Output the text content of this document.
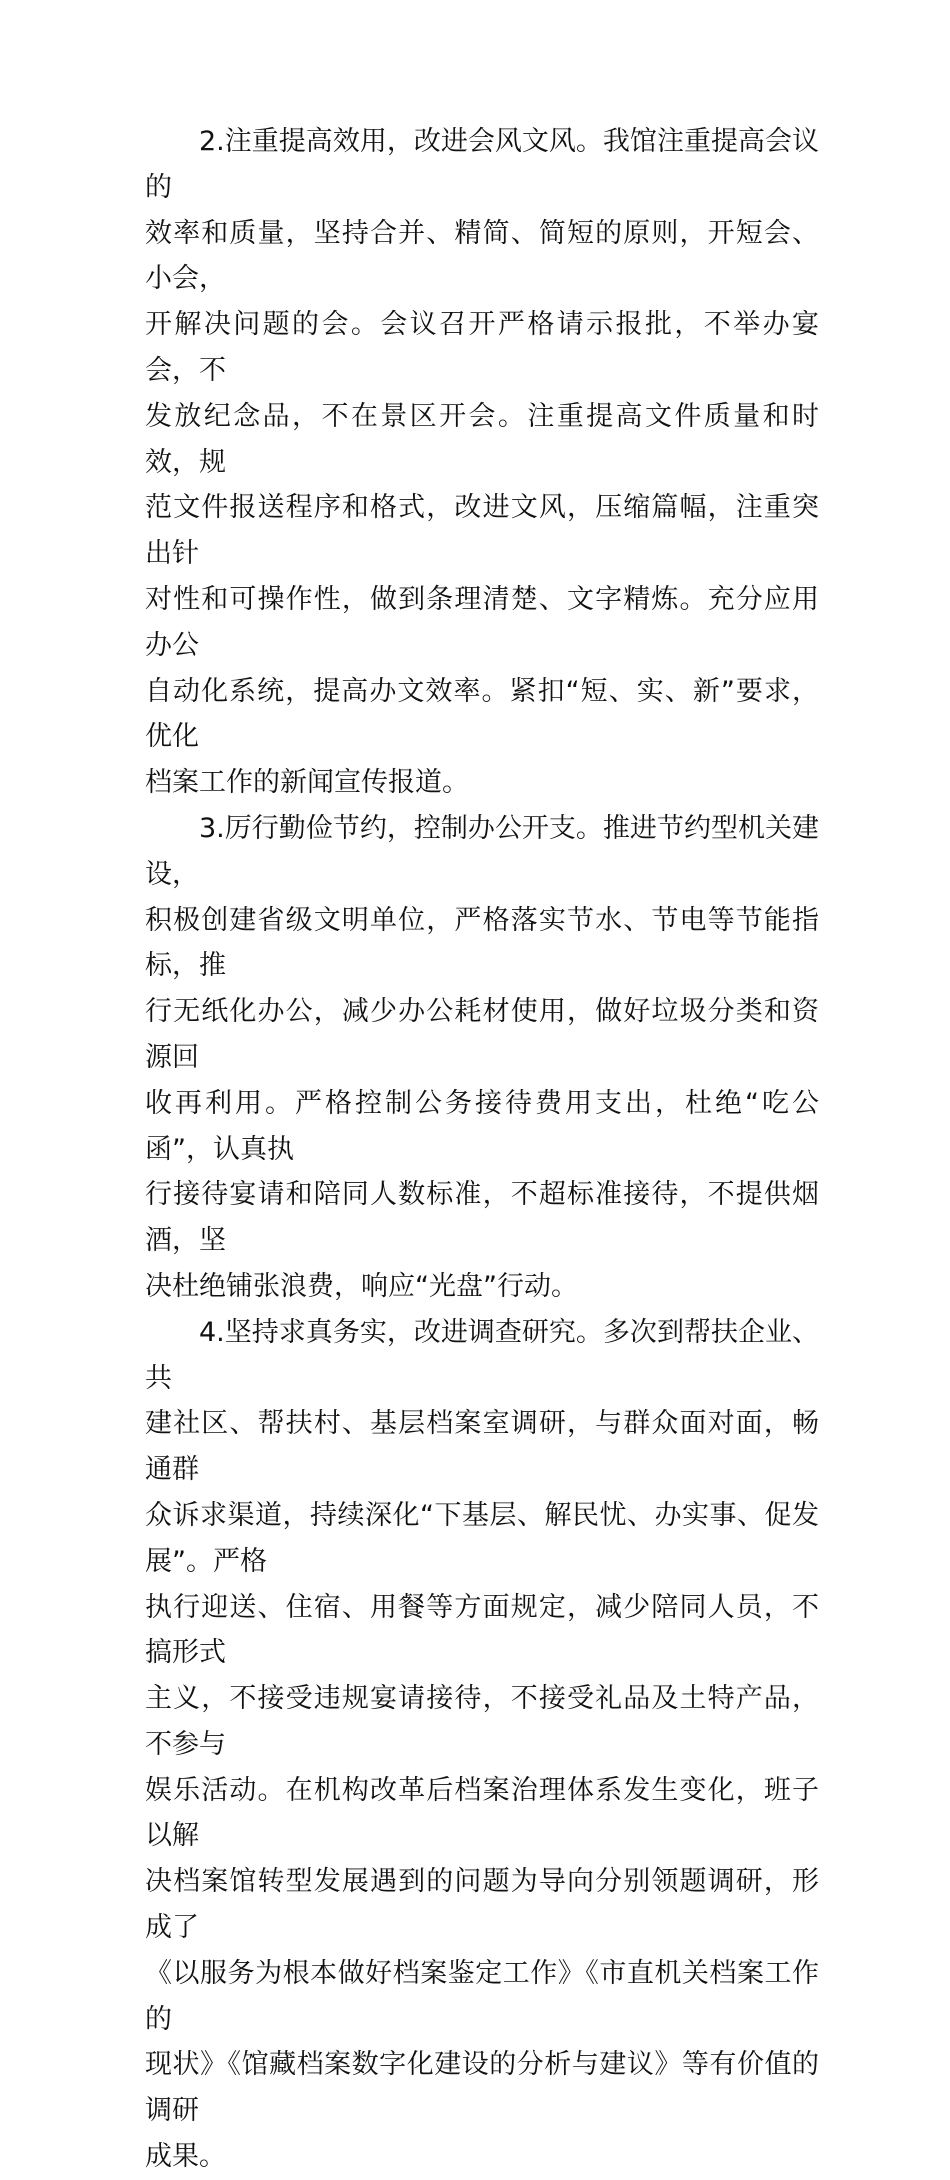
2.注重提高效用，改进会风文风。我馆注重提高会议的
效率和质量，坚持合并、精简、简短的原则，开短会、小会，
开解决问题的会。会议召开严格请示报批，不举办宴会，不
发放纪念品，不在景区开会。注重提高文件质量和时效，规
范文件报送程序和格式，改进文风，压缩篇幅，注重突出针
对性和可操作性，做到条理清楚、文字精炼。充分应用办公
自动化系统，提高办文效率。紧扣“短、实、新”要求，优化
档案工作的新闻宣传报道。

3.厉行勤俭节约，控制办公开支。推进节约型机关建设，
积极创建省级文明单位，严格落实节水、节电等节能指标，推
行无纸化办公，减少办公耗材使用，做好垃圾分类和资源回
收再利用。严格控制公务接待费用支出，杜绝“吃公函”，认真执
行接待宴请和陪同人数标准，不超标准接待，不提供烟酒，坚
决杜绝铺张浪费，响应“光盘”行动。

4.坚持求真务实，改进调查研究。多次到帮扶企业、共
建社区、帮扶村、基层档案室调研，与群众面对面，畅通群
众诉求渠道，持续深化“下基层、解民忧、办实事、促发展”。严格
执行迎送、住宿、用餐等方面规定，减少陪同人员，不搞形式
主义，不接受违规宴请接待，不接受礼品及土特产品，不参与
娱乐活动。在机构改革后档案治理体系发生变化，班子以解
决档案馆转型发展遇到的问题为导向分别领题调研，形成了
《以服务为根本做好档案鉴定工作》《市直机关档案工作的
现状》《馆藏档案数字化建设的分析与建议》等有价值的调研
成果。
